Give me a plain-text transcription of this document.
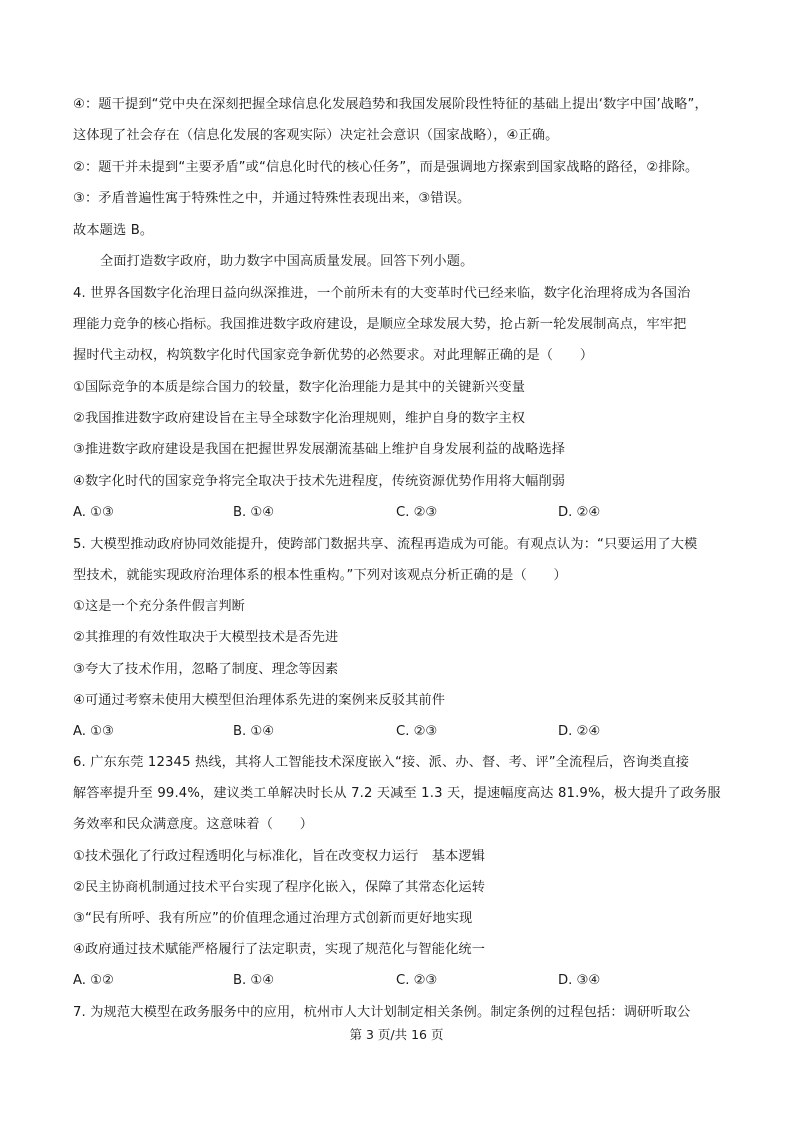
④：题干提到“党中央在深刻把握全球信息化发展趋势和我国发展阶段性特征的基础上提出‘数字中国’战略”，
这体现了社会存在（信息化发展的客观实际）决定社会意识（国家战略），④正确。
②：题干并未提到“主要矛盾”或“信息化时代的核心任务”，而是强调地方探索到国家战略的路径，②排除。
③：矛盾普遍性寓于特殊性之中，并通过特殊性表现出来，③错误。
故本题选 B。
全面打造数字政府，助力数字中国高质量发展。回答下列小题。
4. 世界各国数字化治理日益向纵深推进，一个前所未有的大变革时代已经来临，数字化治理将成为各国治
理能力竞争的核心指标。我国推进数字政府建设，是顺应全球发展大势，抢占新一轮发展制高点，牢牢把
握时代主动权，构筑数字化时代国家竞争新优势的必然要求。对此理解正确的是（　　）
①国际竞争的本质是综合国力的较量，数字化治理能力是其中的关键新兴变量
②我国推进数字政府建设旨在主导全球数字化治理规则，维护自身的数字主权
③推进数字政府建设是我国在把握世界发展潮流基础上维护自身发展利益的战略选择
④数字化时代的国家竞争将完全取决于技术先进程度，传统资源优势作用将大幅削弱
A. ①③	B. ①④	C. ②③	D. ②④
5. 大模型推动政府协同效能提升，使跨部门数据共享、流程再造成为可能。有观点认为：“只要运用了大模
型技术，就能实现政府治理体系的根本性重构。”下列对该观点分析正确的是（　　）
①这是一个充分条件假言判断
②其推理的有效性取决于大模型技术是否先进
③夸大了技术作用，忽略了制度、理念等因素
④可通过考察未使用大模型但治理体系先进的案例来反驳其前件
A. ①③	B. ①④	C. ②③	D. ②④
6. 广东东莞 12345 热线，其将人工智能技术深度嵌入“接、派、办、督、考、评”全流程后，咨询类直接
解答率提升至 99.4%，建议类工单解决时长从 7.2 天减至 1.3 天，提速幅度高达 81.9%，极大提升了政务服
务效率和民众满意度。这意味着（　　）
①技术强化了行政过程透明化与标准化，旨在改变权力运行　基本逻辑
②民主协商机制通过技术平台实现了程序化嵌入，保障了其常态化运转
③“民有所呼、我有所应”的价值理念通过治理方式创新而更好地实现
④政府通过技术赋能严格履行了法定职责，实现了规范化与智能化统一
A. ①②	B. ①④	C. ②③	D. ③④
7. 为规范大模型在政务服务中的应用，杭州市人大计划制定相关条例。制定条例的过程包括：调研听取公
第 3 页/共 16 页
